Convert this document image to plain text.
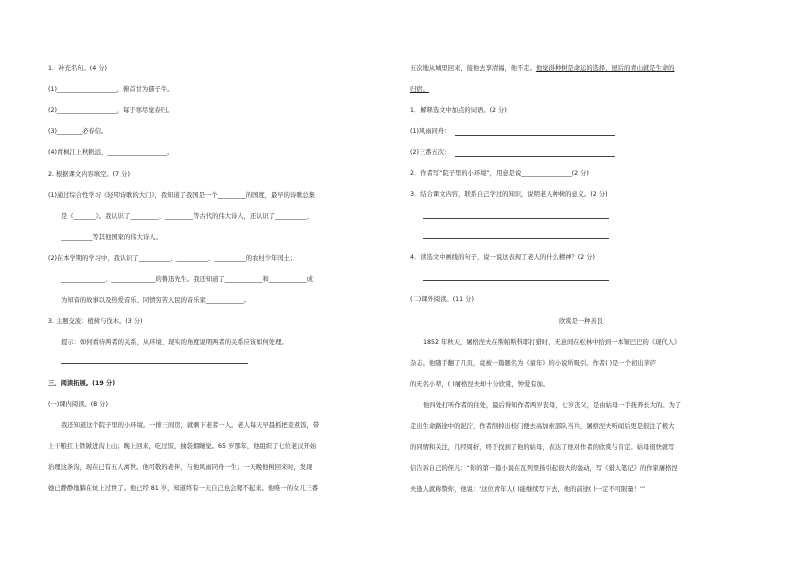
1．补充名句。(4 分)
(1)___________________，俯首甘为孺子牛。
(2)___________________，每于寒尽觉春归。
(3)________必春信。
(4)青枫江上秋帆远，___________________。
2. 根据课文内容填空。(7 分)
(1)通过综合性学习《轻叩诗歌的大门》，我知道了我国是一个_________的国度，最早的诗歌总集
是《_______》。我认识了_________、_________等古代的伟大诗人，还认识了__________、
__________等其他国家的伟大诗人。
(2)在本学期的学习中，我认识了__________、__________、__________的农村少年闰土；
______________、______________的鲁迅先生。我还知道了____________和____________成
为知音的故事以及热爱音乐、同情穷苦人民的音乐家____________。
3. 主题交流：植树与伐木。(3 分)
提示：如何看待两者的关系，从环境、现实的角度说明两者的关系应该如何处理。
三、阅读拓展。(19 分)
(一)课内阅读。(8 分)
我还知道这个院子里的小环境。一排三间房，就剩下老者一人。老人每天早晨抓把麦煮饭，带
上干粮扛上铁锨进沟上山；晚上回来，吃过饭，抽袋烟睡觉。65 岁那年，他组织了七位老汉开始
治理这条沟，现在已有五人离世。他可敬的老伴，与他风雨同舟一生；一天晚他树回来时，发现
她已静静地躺在炕上过世了。他已经 81 岁，知道终有一天自己也会爬不起来。他唯一的女儿三番
五次地从城里回来，接他去享清福，他不走。他觉得种树是命运的选择，屋后的青山就是生命的
归宿。
1．解释选文中加点的词语。(2 分)
(1)风雨同舟：
(2)三番五次：
2．作者写“院子里的小环境”，用意是说________________(2 分)
3．结合课文内容，联系自己学过的知识，说明老人种树的意义。(2 分)
4．读选文中画线的句子，说一说这表现了老人的什么精神？(2 分)
(二)课外阅读。(11 分)
欣赏是一种善良
1852 年秋天，屠格涅夫在斯帕斯科耶打猎时，无意间在松林中拾到一本皱巴巴的《现代人》
杂志。他随手翻了几页，竟被一篇题名为《童年》的小说所吸引。作者( )是一个初出茅庐
的无名小辈，( )屠格涅夫却十分欣赏，钟爱有加。
他四处打听作者的住处，最后得知作者两岁丧母，七岁丧父，是由姑母一手抚养长大的。为了
走出生命路途中的泥泞，作者削掉出校门便去高加索部队当兵，屠格涅夫听闻后更是很注了极大
的同情和关注，几经周折，终于找到了他的姑母，表达了他对作者的欣赏与肯定。姑母很快就写
信告诉自己的侄儿：“你的第一篇小说在瓦列里扬引起很大的轰动，写《猎人笔记》的作家屠格涅
夫逢人就称赞你，他说：‘这位青年人( )能继续写下去，他的前途( )一定不可限量！’”
